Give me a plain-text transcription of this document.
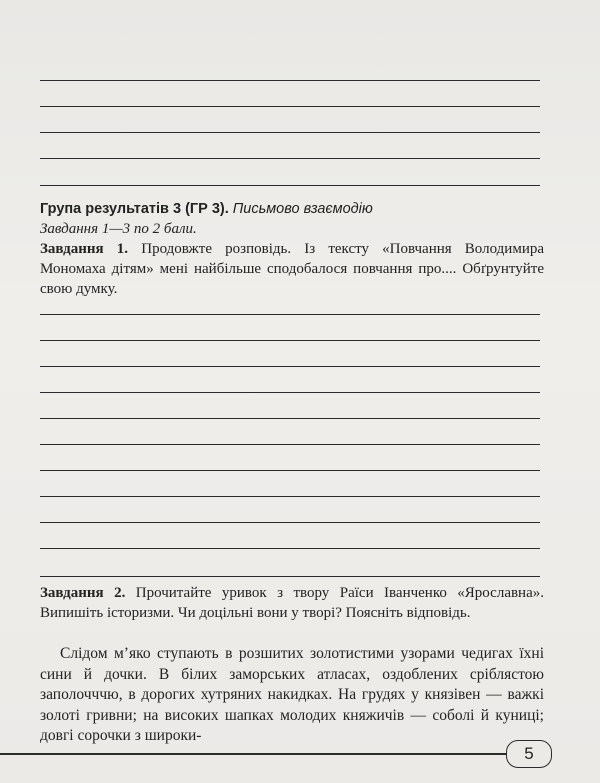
Група результатів 3 (ГР 3). Письмово взаємодію
Завдання 1—3 по 2 бали.
Завдання 1. Продовжте розповідь. Із тексту «Повчання Володимира Мономаха дітям» мені найбільше сподобалося повчання про.... Обґрунтуйте свою думку.
Завдання 2. Прочитайте уривок з твору Раїси Іванченко «Ярославна». Випишіть історизми. Чи доцільні вони у творі? Поясніть відповідь.
Слідом м’яко ступають в розшитих золотистими узорами чедигах їхні сини й дочки. В білих заморських атласах, оздоблених сріблястою заполочччю, в дорогих хутряних накидках. На грудях у князівен — важкі золоті гривни; на високих шапках молодих княжичів — соболі й куниці; довгі сорочки з широки-
5
